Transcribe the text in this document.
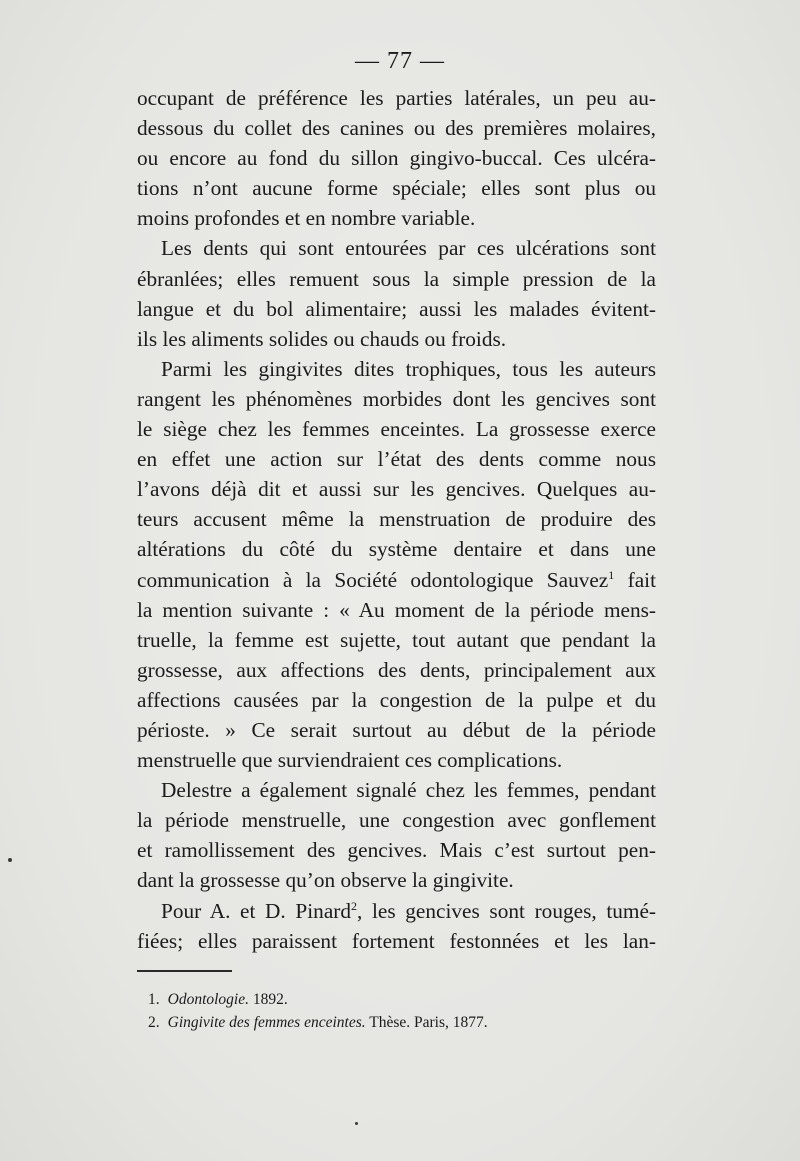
— 77 —

occupant de préférence les parties latérales, un peu au-
dessous du collet des canines ou des premières molaires,
ou encore au fond du sillon gingivo-buccal. Ces ulcéra-
tions n’ont aucune forme spéciale; elles sont plus ou
moins profondes et en nombre variable.

Les dents qui sont entourées par ces ulcérations sont
ébranlées; elles remuent sous la simple pression de la
langue et du bol alimentaire; aussi les malades évitent-
ils les aliments solides ou chauds ou froids.

Parmi les gingivites dites trophiques, tous les auteurs
rangent les phénomènes morbides dont les gencives sont
le siège chez les femmes enceintes. La grossesse exerce
en effet une action sur l’état des dents comme nous
l’avons déjà dit et aussi sur les gencives. Quelques au-
teurs accusent même la menstruation de produire des
altérations du côté du système dentaire et dans une
communication à la Société odontologique Sauvez$^1$ fait
la mention suivante : « Au moment de la période mens-
truelle, la femme est sujette, tout autant que pendant la
grossesse, aux affections des dents, principalement aux
affections causées par la congestion de la pulpe et du
périoste. » Ce serait surtout au début de la période
menstruelle que surviendraient ces complications.

Delestre a également signalé chez les femmes, pendant
la période menstruelle, une congestion avec gonflement
et ramollissement des gencives. Mais c’est surtout pen-
dant la grossesse qu’on observe la gingivite.

Pour A. et D. Pinard$^2$, les gencives sont rouges, tumé-
fiées; elles paraissent fortement festonnées et les lan-

1. Odontologie. 1892.
2. Gingivite des femmes enceintes. Thèse. Paris, 1877.
